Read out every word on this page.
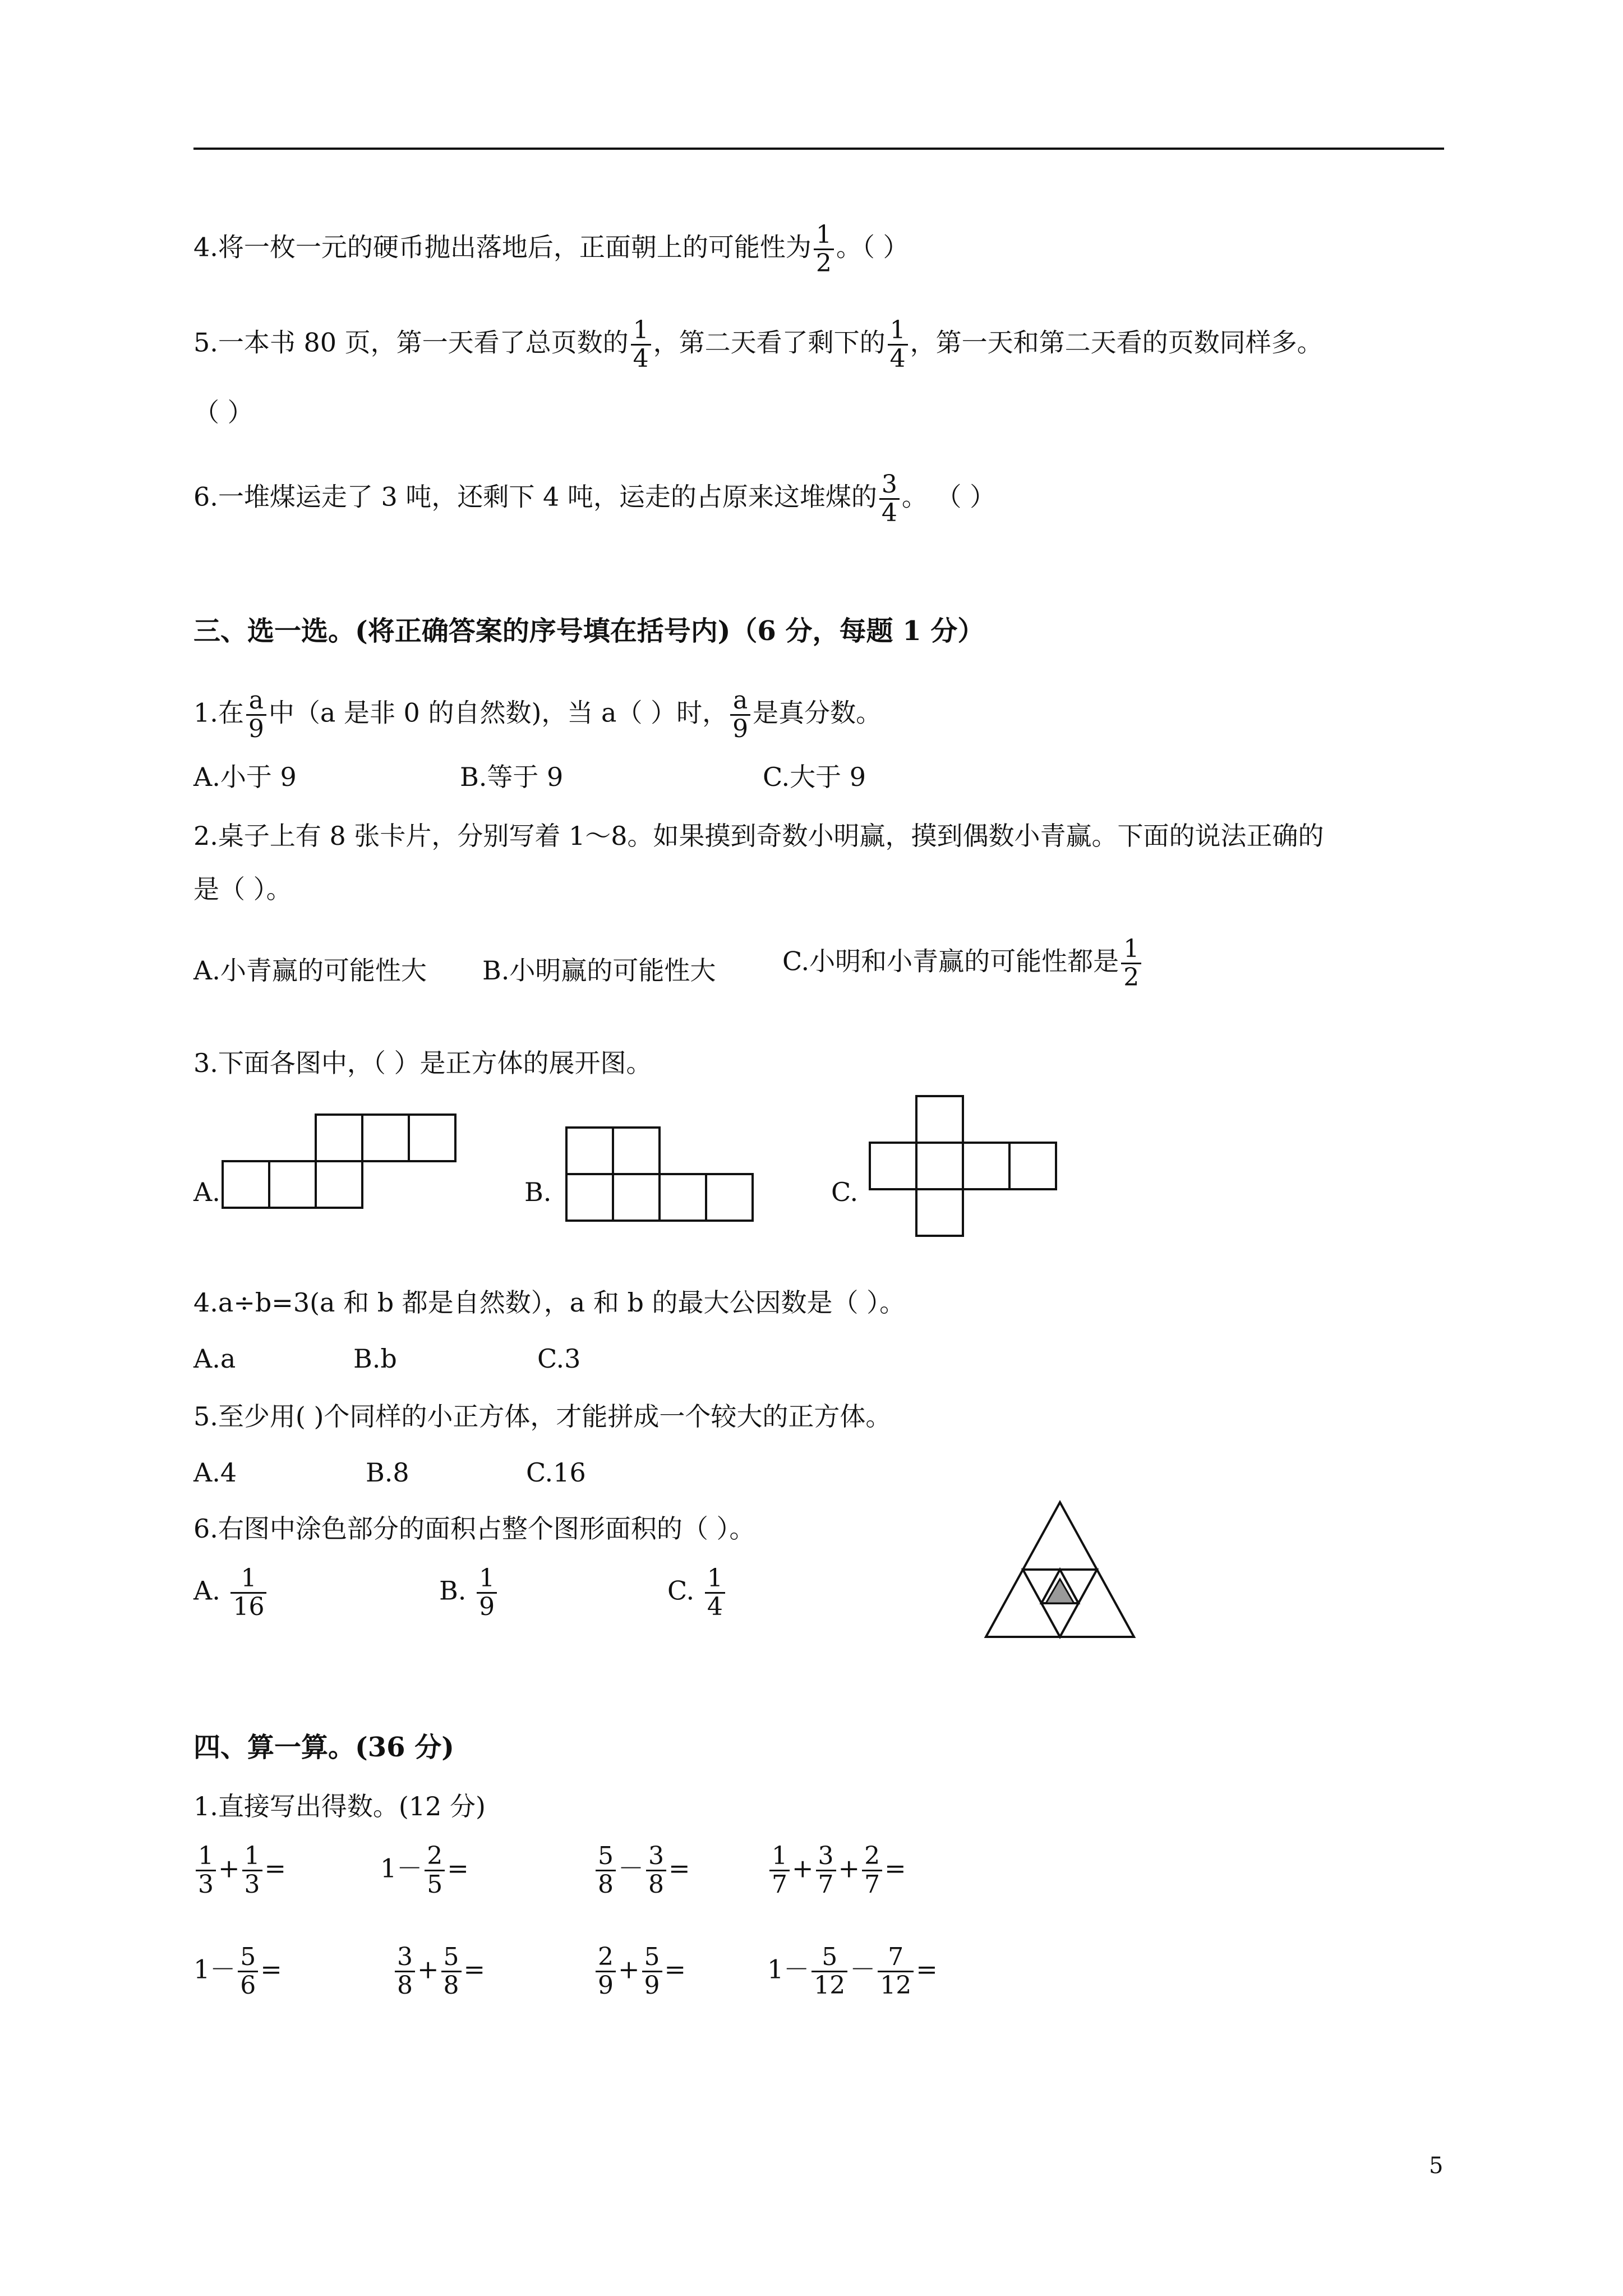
4.将一枚一元的硬币抛出落地后，正面朝上的可能性为 $\frac{1}{2}$ 。（ ）
5.一本书 80 页，第一天看了总页数的 $\frac{1}{4}$ ，第二天看了剩下的 $\frac{1}{4}$ ，第一天和第二天看的页数同样多。
（ ）
6.一堆煤运走了 3 吨，还剩下 4 吨，运走的占原来这堆煤的 $\frac{3}{4}$ 。 （ ）
三、选一选。(将正确答案的序号填在括号内)（6 分，每题 1 分）
1.在 $\frac{a}{9}$ 中（a 是非 0 的自然数)，当 a（ ）时， $\frac{a}{9}$ 是真分数。
A.小于 9	B.等于 9	C.大于 9
2.桌子上有 8 张卡片，分别写着 1～8。如果摸到奇数小明赢，摸到偶数小青赢。下面的说法正确的
是（ ）。
A.小青赢的可能性大 B.小明赢的可能性大	C.小明和小青赢的可能性都是 $\frac{1}{2}$
3.下面各图中，（ ）是正方体的展开图。
A.	B.	C.
4.a÷b=3(a 和 b 都是自然数），a 和 b 的最大公因数是（ ）。
A.a	B.b	C.3
5.至少用( )个同样的小正方体，才能拼成一个较大的正方体。
A.4	B.8	C.16
6.右图中涂色部分的面积占整个图形面积的（ ）。
A. $\frac{1}{16}$	B. $\frac{1}{9}$	C. $\frac{1}{4}$
四、算一算。(36 分)
1.直接写出得数。(12 分)
$\frac{1}{3} + \frac{1}{3}$ =	$1- \frac{2}{5}$ =	$\frac{5}{8} - \frac{3}{8}$ =	$\frac{1}{7} + \frac{3}{7} + \frac{2}{7}$ =
$1- \frac{5}{6}$ =	$\frac{3}{8} + \frac{5}{8}$ =	$\frac{2}{9} + \frac{5}{9}$ =	$1- \frac{5}{12} - \frac{7}{12}$ =
5
